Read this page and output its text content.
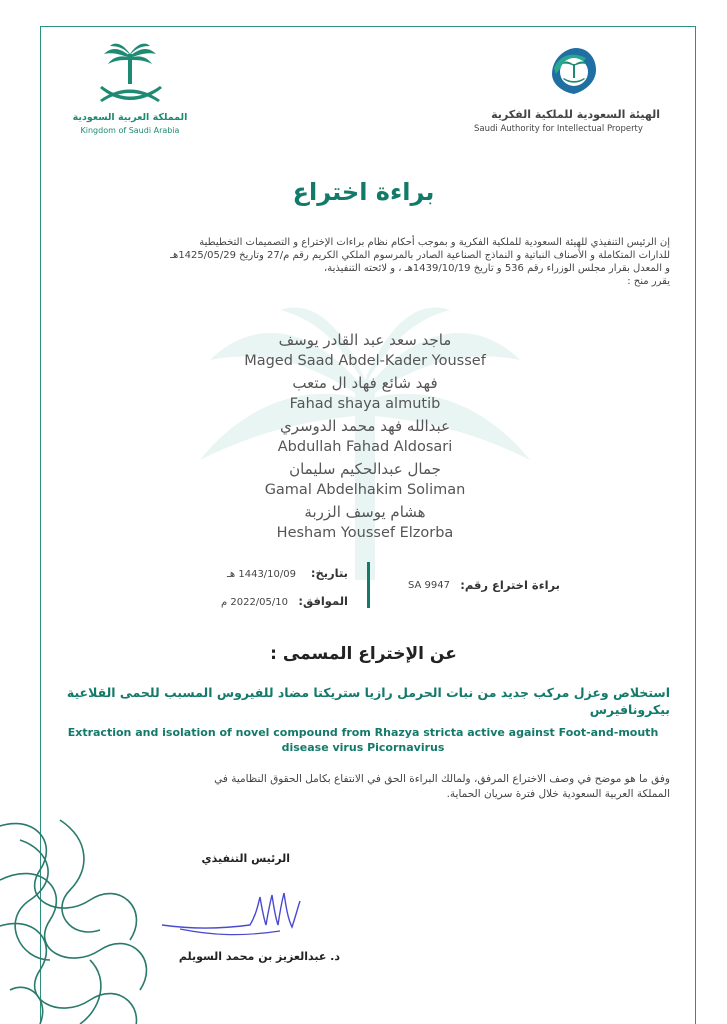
المملكة العربية السعودية
Kingdom of Saudi Arabia
الهيئة السعودية للملكية الفكرية
Saudi Authority for Intellectual Property
براءة اختراع
إن الرئيس التنفيذي للهيئة السعودية للملكية الفكرية و بموجب أحكام نظام براءات الإختراع و التصميمات التخطيطية
للدارات المتكاملة و الأصناف النباتية و النماذج الصناعية الصادر بالمرسوم الملكي الكريم رقم م/27 وتاريخ 1425/05/29هـ
و المعدل بقرار مجلس الوزراء رقم 536 و تاريخ 1439/10/19هـ ، و لائحته التنفيذية،
يقرر منح :
ماجد سعد عبد القادر يوسف
Maged Saad Abdel-Kader Youssef
فهد شائع فهاد ال متعب
Fahad shaya almutib
عبدالله فهد محمد الدوسري
Abdullah Fahad Aldosari
جمال عبدالحكيم سليمان
Gamal Abdelhakim Soliman
هشام يوسف الزربة
Hesham Youssef Elzorba
براءة اختراع رقم:
SA 9947
بتاريخ:
1443/10/09 هـ
الموافق:
2022/05/10 م
عن الإختراع المسمى :
استخلاص وعزل مركب جديد من نبات الحرمل رازيا ستريكتا مضاد للفيروس المسبب للحمى القلاعية بيكرونافيرس
Extraction and isolation of novel compound from Rhazya stricta active against Foot-and-mouth disease virus Picornavirus
وفق ما هو موضح في وصف الاختراع المرفق، ولمالك البراءة الحق في الانتفاع بكامل الحقوق النظامية في
المملكة العربية السعودية خلال فترة سريان الحماية.
الرئيس التنفيذي
د. عبدالعزيز بن محمد السويلم
